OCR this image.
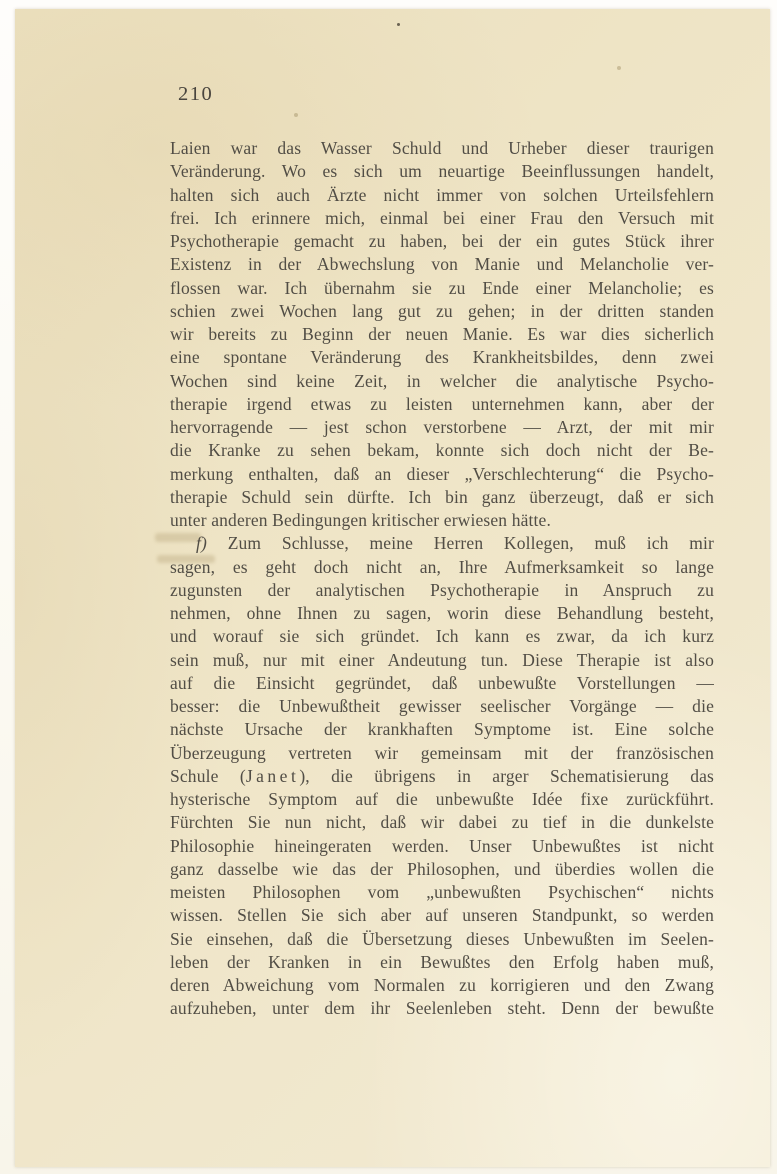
210
Laien war das Wasser Schuld und Urheber dieser traurigen
Veränderung. Wo es sich um neuartige Beeinflussungen handelt,
halten sich auch Ärzte nicht immer von solchen Urteilsfehlern
frei. Ich erinnere mich, einmal bei einer Frau den Versuch mit
Psychotherapie gemacht zu haben, bei der ein gutes Stück ihrer
Existenz in der Abwechslung von Manie und Melancholie ver-
flossen war. Ich übernahm sie zu Ende einer Melancholie; es
schien zwei Wochen lang gut zu gehen; in der dritten standen
wir bereits zu Beginn der neuen Manie. Es war dies sicherlich
eine spontane Veränderung des Krankheitsbildes, denn zwei
Wochen sind keine Zeit, in welcher die analytische Psycho-
therapie irgend etwas zu leisten unternehmen kann, aber der
hervorragende — jest schon verstorbene — Arzt, der mit mir
die Kranke zu sehen bekam, konnte sich doch nicht der Be-
merkung enthalten, daß an dieser „Verschlechterung“ die Psycho-
therapie Schuld sein dürfte. Ich bin ganz überzeugt, daß er sich
unter anderen Bedingungen kritischer erwiesen hätte.
f) Zum Schlusse, meine Herren Kollegen, muß ich mir
sagen, es geht doch nicht an, Ihre Aufmerksamkeit so lange
zugunsten der analytischen Psychotherapie in Anspruch zu
nehmen, ohne Ihnen zu sagen, worin diese Behandlung besteht,
und worauf sie sich gründet. Ich kann es zwar, da ich kurz
sein muß, nur mit einer Andeutung tun. Diese Therapie ist also
auf die Einsicht gegründet, daß unbewußte Vorstellungen —
besser: die Unbewußtheit gewisser seelischer Vorgänge — die
nächste Ursache der krankhaften Symptome ist. Eine solche
Überzeugung vertreten wir gemeinsam mit der französischen
Schule (Janet), die übrigens in arger Schematisierung das
hysterische Symptom auf die unbewußte Idée fixe zurückführt.
Fürchten Sie nun nicht, daß wir dabei zu tief in die dunkelste
Philosophie hineingeraten werden. Unser Unbewußtes ist nicht
ganz dasselbe wie das der Philosophen, und überdies wollen die
meisten Philosophen vom „unbewußten Psychischen“ nichts
wissen. Stellen Sie sich aber auf unseren Standpunkt, so werden
Sie einsehen, daß die Übersetzung dieses Unbewußten im Seelen-
leben der Kranken in ein Bewußtes den Erfolg haben muß,
deren Abweichung vom Normalen zu korrigieren und den Zwang
aufzuheben, unter dem ihr Seelenleben steht. Denn der bewußte
